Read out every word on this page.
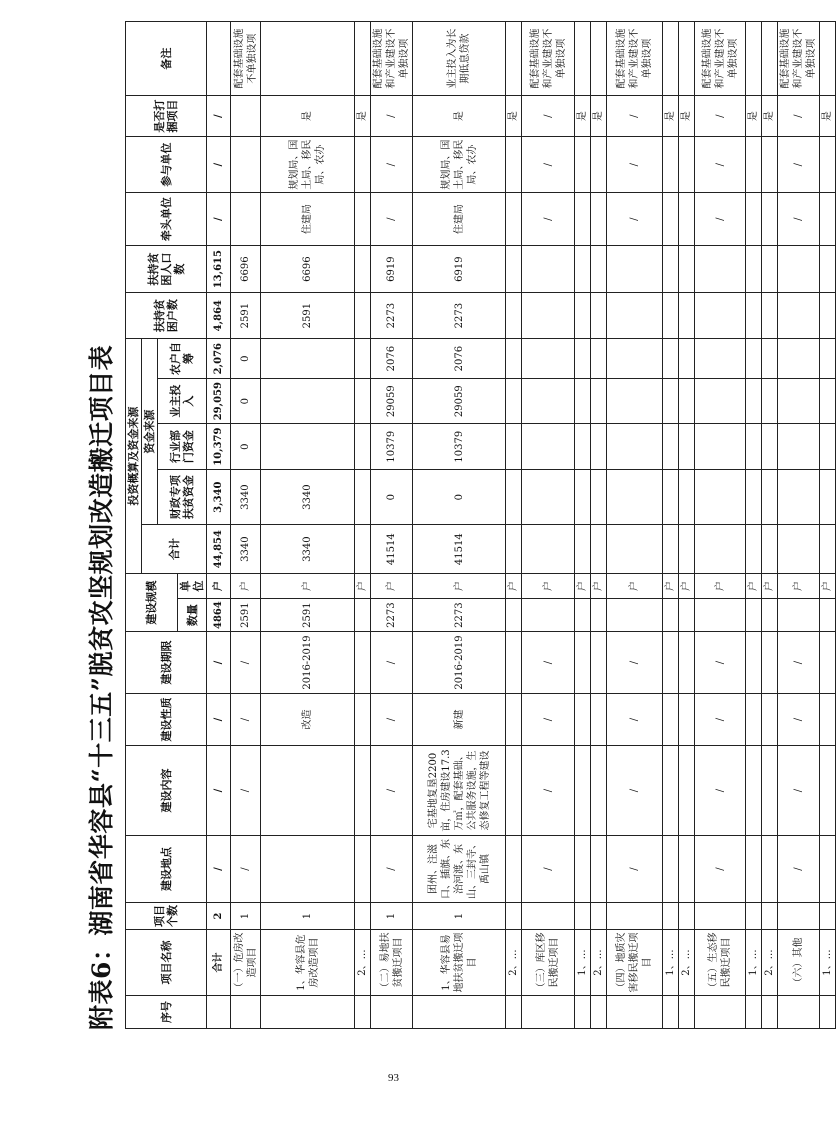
附表6：湖南省华容县“十三五”脱贫攻坚规划改造搬迁项目表	序号	项目名称	项目个数	建设地点	建设内容	建设性质	建设期限	建设规模		投资概算及资金来源					扶持贫困户数	扶持贫困人口数	牵头单位	参与单位	是否打捆项目	备注
									合计	资金来源									
										财政专项扶贫资金	行业部门资金	业主投入	农户自筹						
							数量	单位											
	合计	2	/	/	/	/	4864	户	44,854	3,340	10,379	29,059	2,076	4,864	13,615	/	/	/	
	（一）危房改造项目	1	/	/	/	/	2591	户	3340	3340	0	0	0	2591	6696				配套基础设施不单独设项
	1、华容县危房改造项目	1			改造	2016-2019	2591	户	3340	3340				2591	6696	住建局	规划局、国土局、移民局、农办	是	
	2、…							户										是	
	（二）易地扶贫搬迁项目	1	/	/	/	/	2273	户	41514	0	10379	29059	2076	2273	6919	/	/	/	配套基础设施和产业建设不单独设项
	1、华容县易地扶贫搬迁项目	1	团州、注滋口、插旗、东治河渡、东山、三封寺、禹山镇	宅基地复垦2200亩，住房建设17.3万㎡，配套基础、公共服务设施，生态修复工程等建设	新建	2016-2019	2273	户	41514	0	10379	29059	2076	2273	6919	住建局	规划局、国土局、移民局、农办	是	业主投入为长期低息贷款
	2、…							户										是	
	（三）库区移民搬迁项目		/	/	/	/		户								/	/	/	配套基础设施和产业建设不单独设项
	1、…							户										是	
	2、…							户										是	
	（四）地质灾害移民搬迁项目		/	/	/	/		户								/	/	/	配套基础设施和产业建设不单独设项
	1、…							户										是	
	2、…							户										是	
	（五）生态移民搬迁项目		/	/	/	/		户								/	/	/	配套基础设施和产业建设不单独设项
	1、…							户										是	
	2、…							户										是	
	（六）其他		/	/	/	/		户								/	/	/	配套基础设施和产业建设不单独设项
	1、…							户										是	
93
